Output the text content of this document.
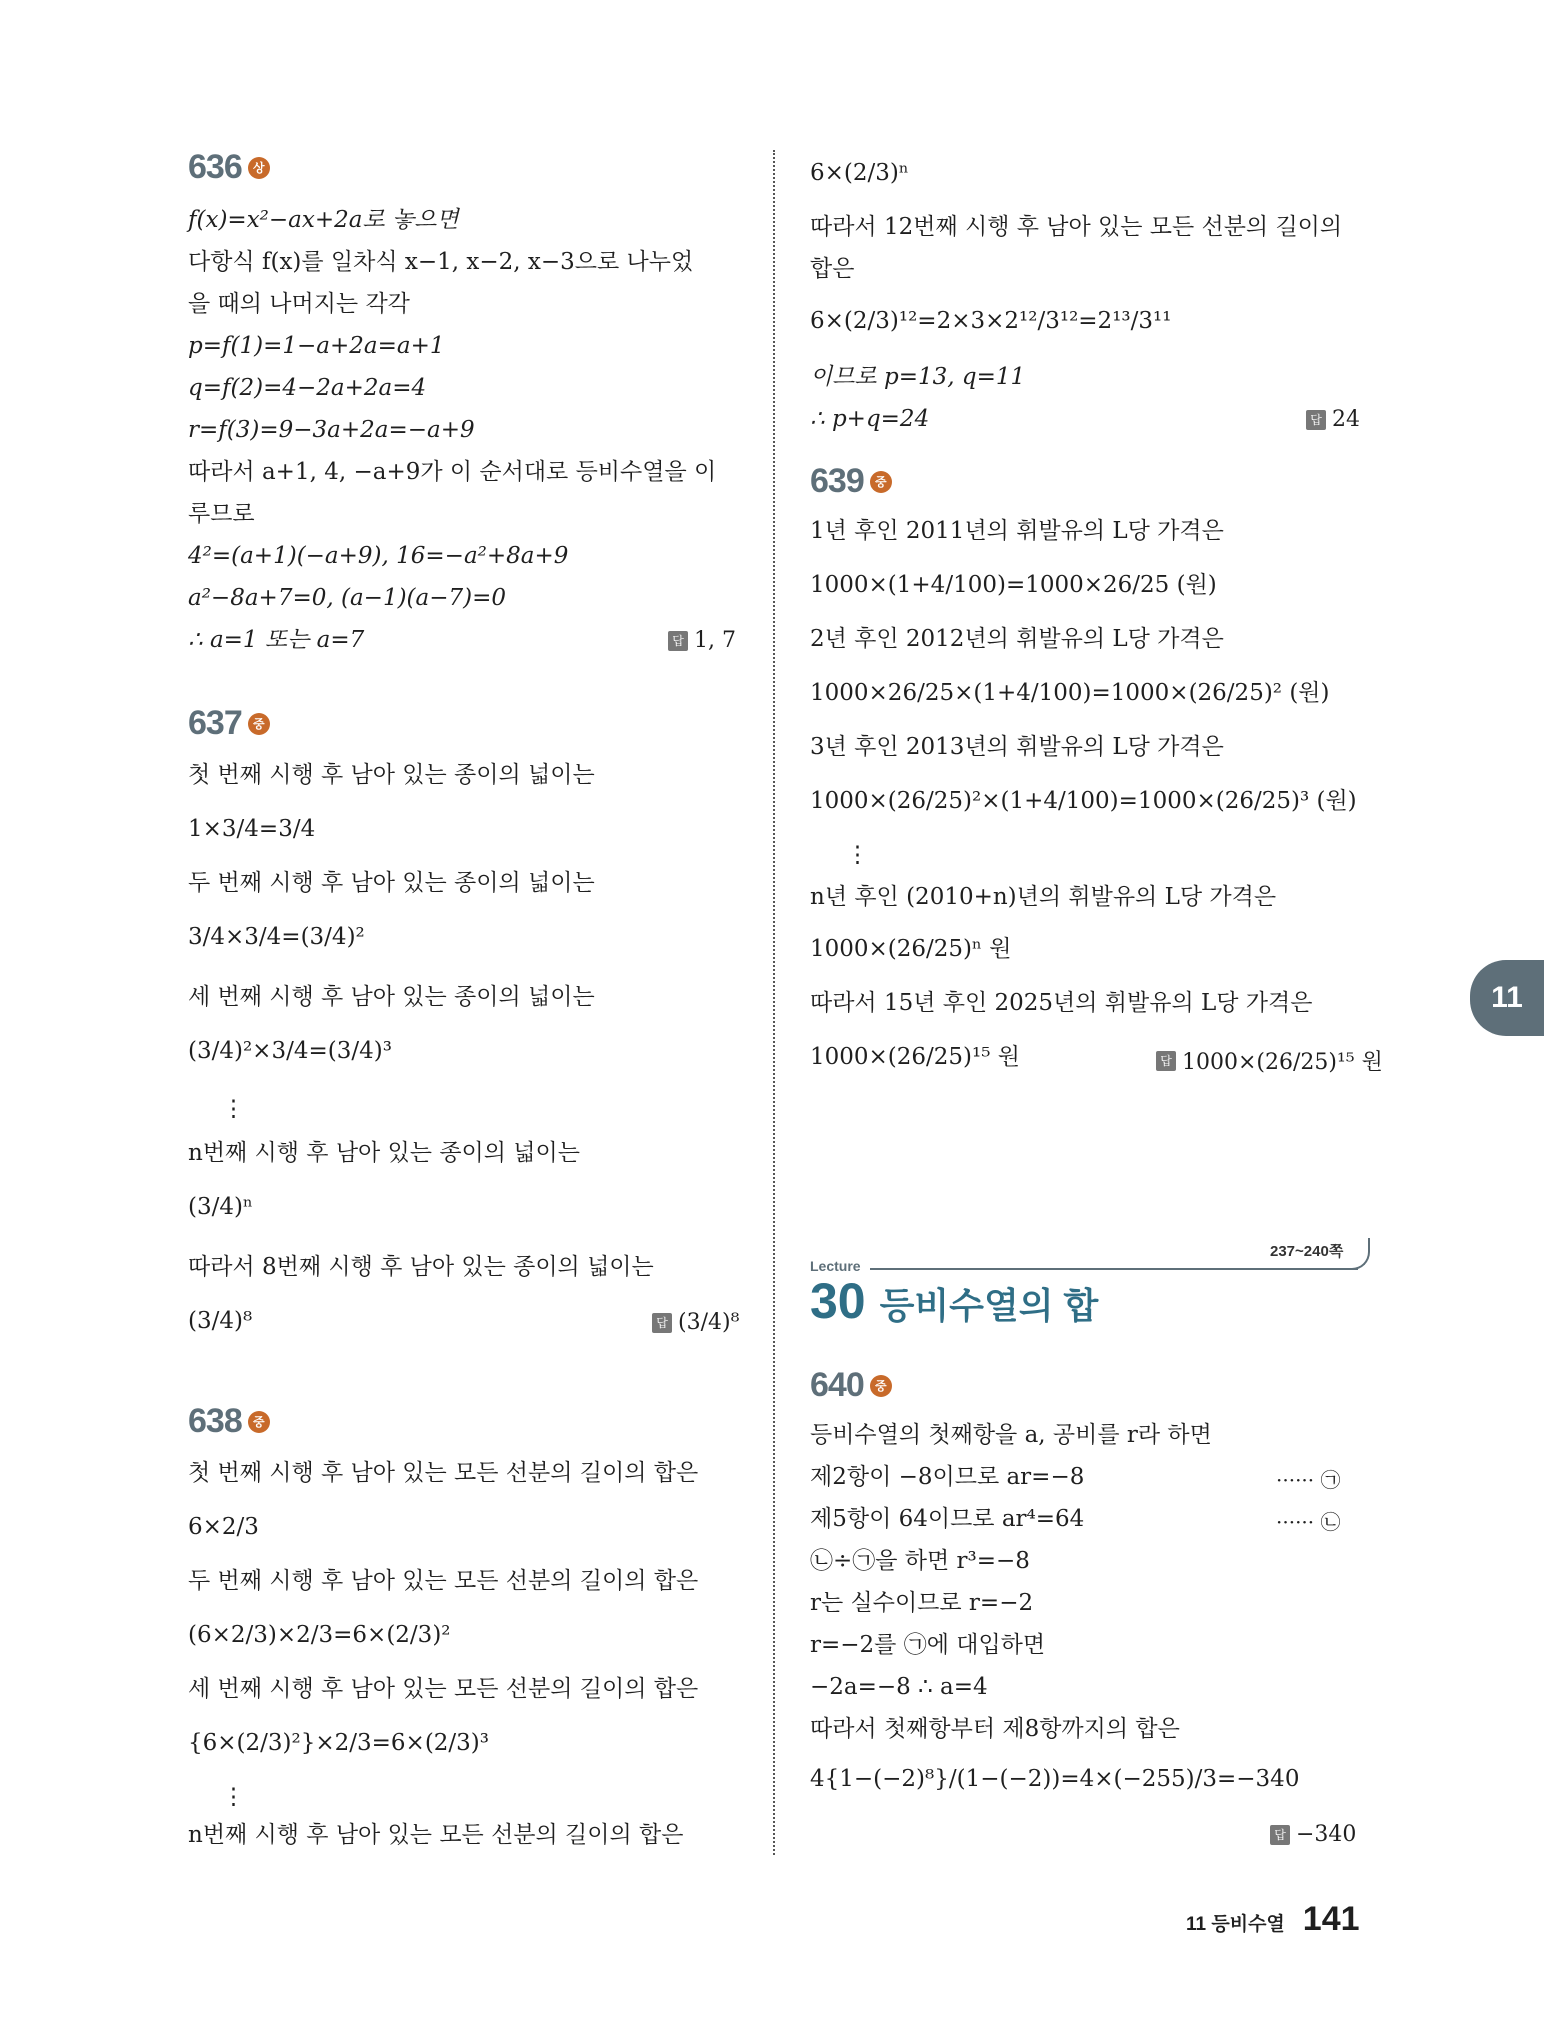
636 상
f(x)=x²−ax+2a로 놓으면
다항식 f(x)를 일차식 x−1, x−2, x−3으로 나누었
을 때의 나머지는 각각
p=f(1)=1−a+2a=a+1
q=f(2)=4−2a+2a=4
r=f(3)=9−3a+2a=−a+9
따라서 a+1, 4, −a+9가 이 순서대로 등비수열을 이
루므로
4²=(a+1)(−a+9), 16=−a²+8a+9
a²−8a+7=0, (a−1)(a−7)=0
∴ a=1 또는 a=7	답 1, 7
637 중
첫 번째 시행 후 남아 있는 종이의 넓이는
1×3/4=3/4
두 번째 시행 후 남아 있는 종이의 넓이는
3/4×3/4=(3/4)²
세 번째 시행 후 남아 있는 종이의 넓이는
(3/4)²×3/4=(3/4)³
⋮
n번째 시행 후 남아 있는 종이의 넓이는
(3/4)ⁿ
따라서 8번째 시행 후 남아 있는 종이의 넓이는
(3/4)⁸	답 (3/4)⁸
638 중
첫 번째 시행 후 남아 있는 모든 선분의 길이의 합은
6×2/3
두 번째 시행 후 남아 있는 모든 선분의 길이의 합은
(6×2/3)×2/3=6×(2/3)²
세 번째 시행 후 남아 있는 모든 선분의 길이의 합은
{6×(2/3)²}×2/3=6×(2/3)³
⋮
n번째 시행 후 남아 있는 모든 선분의 길이의 합은
6×(2/3)ⁿ
따라서 12번째 시행 후 남아 있는 모든 선분의 길이의
합은
6×(2/3)¹²=2×3×2¹²/3¹²=2¹³/3¹¹
이므로 p=13, q=11
∴ p+q=24	답 24
639 중
1년 후인 2011년의 휘발유의 L당 가격은
1000×(1+4/100)=1000×26/25 (원)
2년 후인 2012년의 휘발유의 L당 가격은
1000×26/25×(1+4/100)=1000×(26/25)² (원)
3년 후인 2013년의 휘발유의 L당 가격은
1000×(26/25)²×(1+4/100)=1000×(26/25)³ (원)
⋮
n년 후인 (2010+n)년의 휘발유의 L당 가격은
1000×(26/25)ⁿ 원
따라서 15년 후인 2025년의 휘발유의 L당 가격은
1000×(26/25)¹⁵ 원	답 1000×(26/25)¹⁵ 원
237~240쪽
Lecture
30 등비수열의 합
640 중
등비수열의 첫째항을 a, 공비를 r라 하면
제2항이 −8이므로 ar=−8
제5항이 64이므로 ar⁴=64
㉡÷㉠을 하면 r³=−8
r는 실수이므로 r=−2
r=−2를 ㉠에 대입하면
−2a=−8 ∴ a=4
따라서 첫째항부터 제8항까지의 합은
4{1−(−2)⁸}/(1−(−2))=4×(−255)/3=−340
······ ㉠
······ ㉡
답 −340
11
11 등비수열 141
